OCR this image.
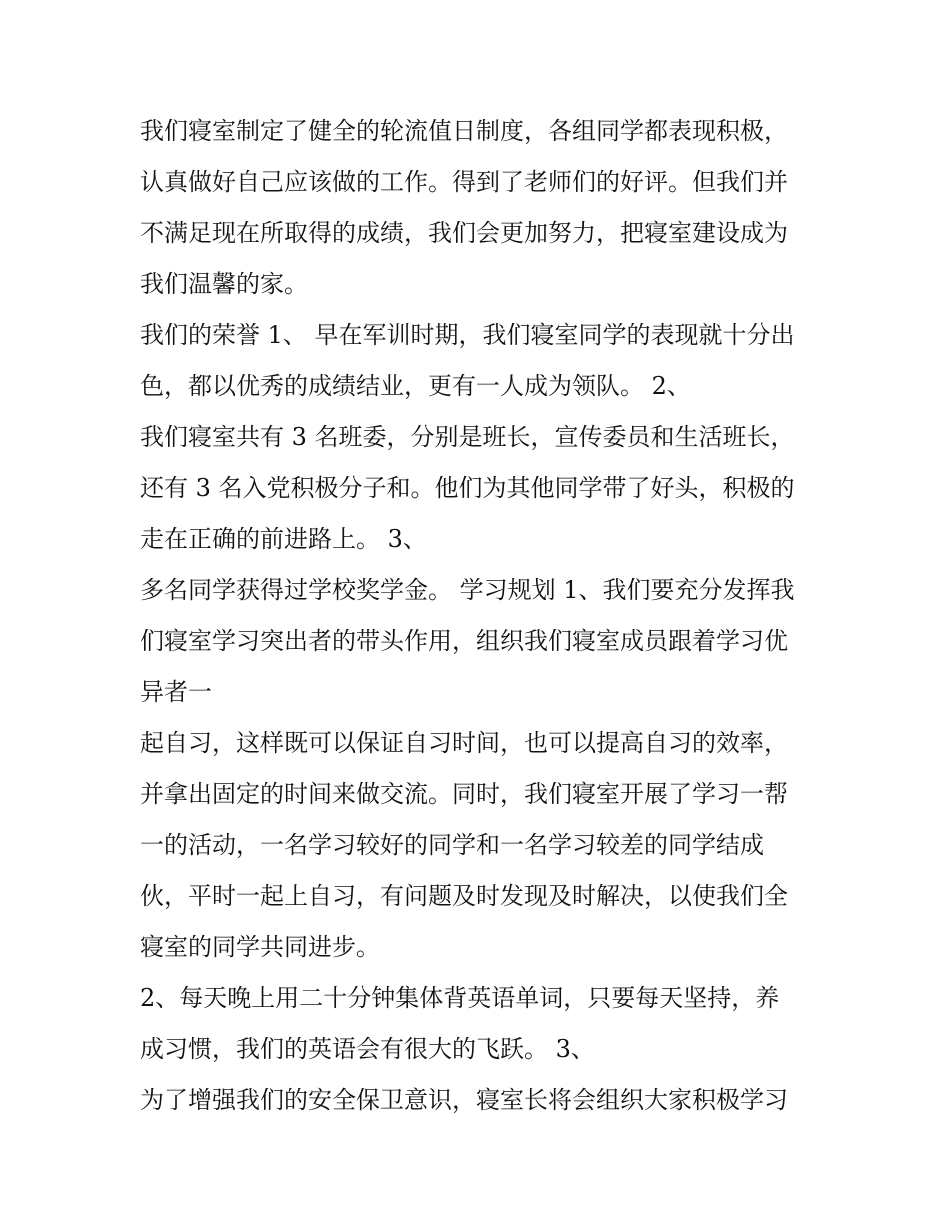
我们寝室制定了健全的轮流值日制度，各组同学都表现积极，
认真做好自己应该做的工作。得到了老师们的好评。但我们并
不满足现在所取得的成绩，我们会更加努力，把寝室建设成为
我们温馨的家。
我们的荣誉 1、 早在军训时期，我们寝室同学的表现就十分出
色，都以优秀的成绩结业，更有一人成为领队。 2、
我们寝室共有 3 名班委，分别是班长，宣传委员和生活班长，
还有 3 名入党积极分子和。他们为其他同学带了好头，积极的
走在正确的前进路上。 3、
多名同学获得过学校奖学金。 学习规划 1、我们要充分发挥我
们寝室学习突出者的带头作用，组织我们寝室成员跟着学习优
异者一
起自习，这样既可以保证自习时间，也可以提高自习的效率，
并拿出固定的时间来做交流。同时，我们寝室开展了学习一帮
一的活动，一名学习较好的同学和一名学习较差的同学结成
伙，平时一起上自习，有问题及时发现及时解决，以使我们全
寝室的同学共同进步。
2、每天晚上用二十分钟集体背英语单词，只要每天坚持，养
成习惯，我们的英语会有很大的飞跃。 3、
为了增强我们的安全保卫意识，寝室长将会组织大家积极学习
